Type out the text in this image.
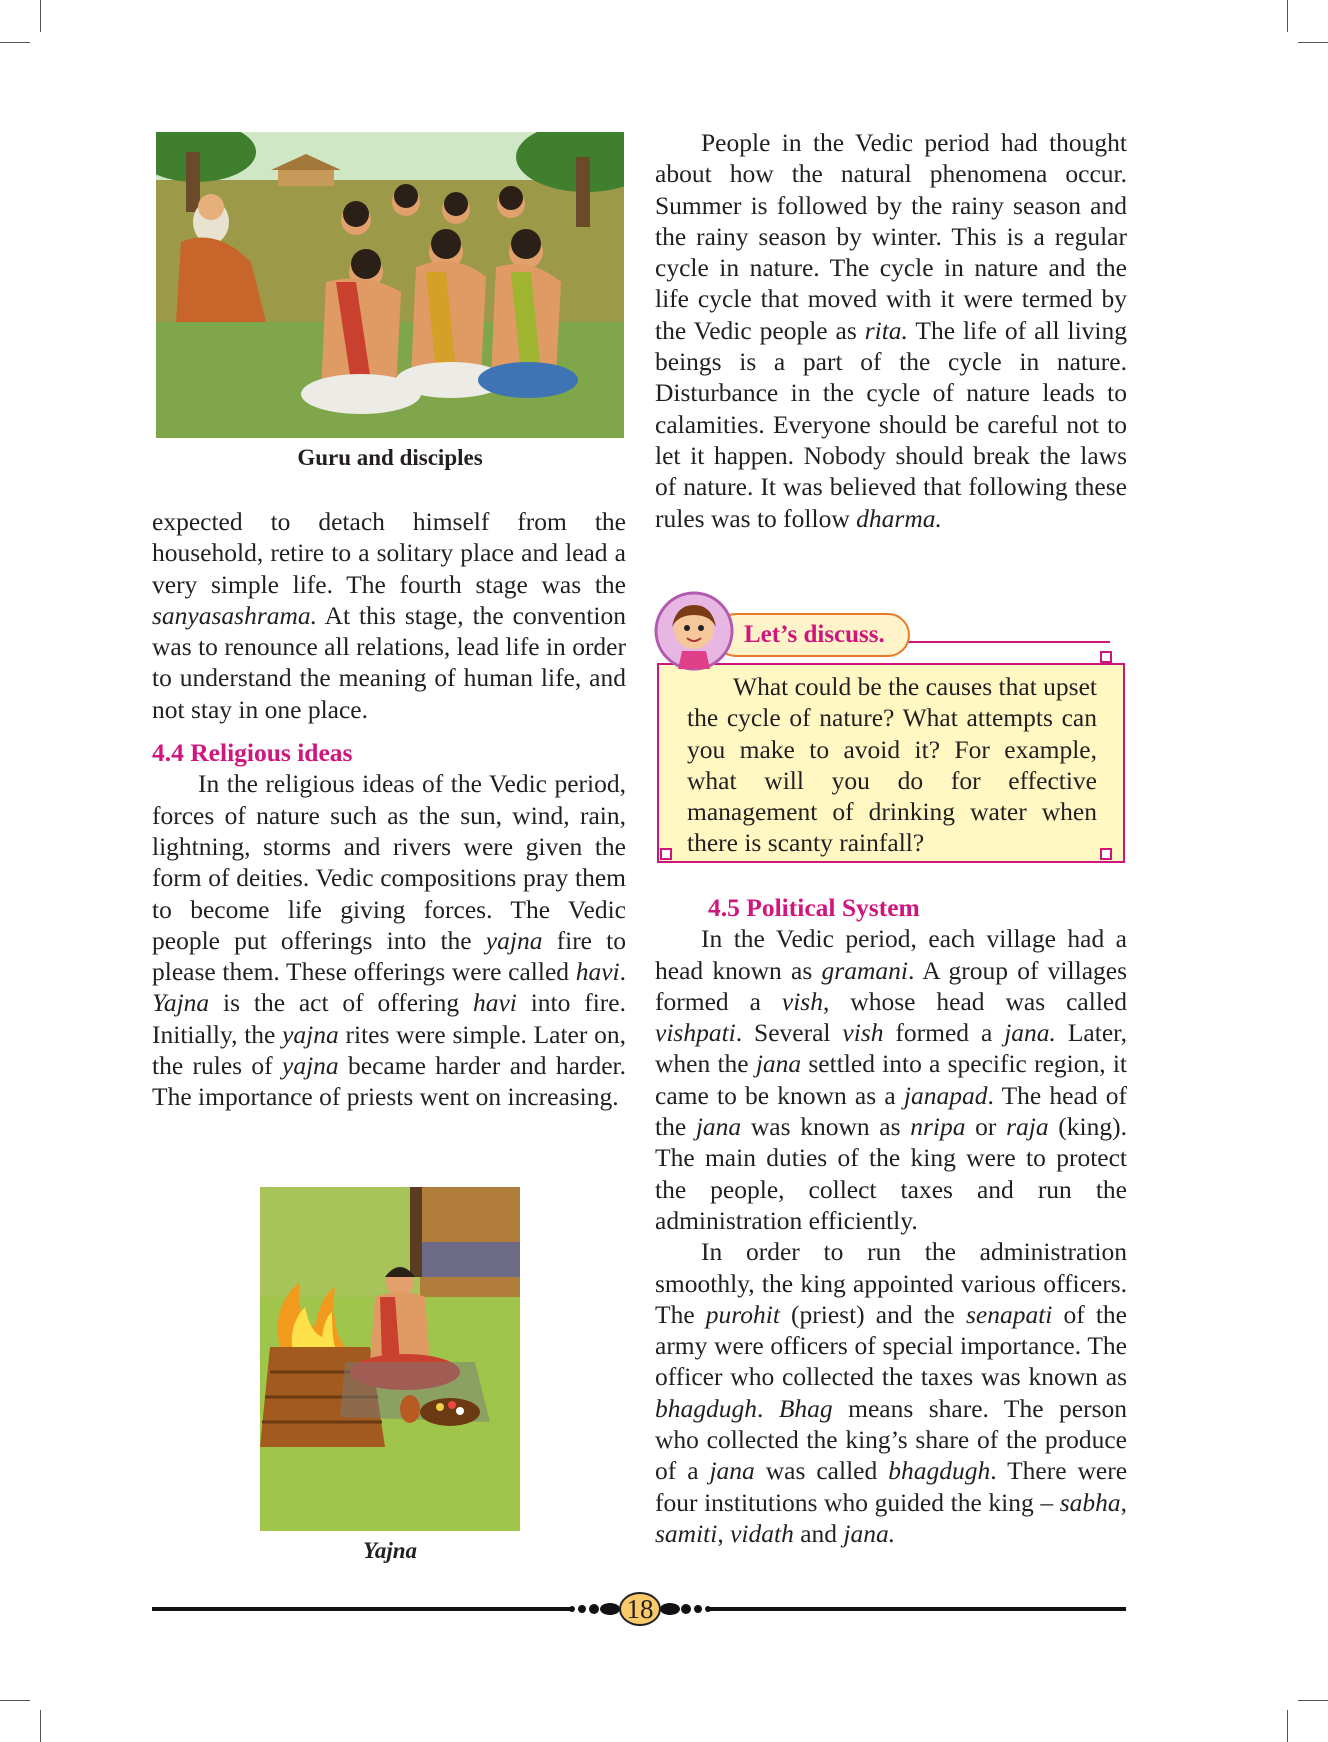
Guru and disciples

expected to detach himself from the household, retire to a solitary place and lead a very simple life. The fourth stage was the sanyasashrama. At this stage, the convention was to renounce all relations, lead life in order to understand the meaning of human life, and not stay in one place.

4.4 Religious ideas

In the religious ideas of the Vedic period, forces of nature such as the sun, wind, rain, lightning, storms and rivers were given the form of deities. Vedic compositions pray them to become life giving forces. The Vedic people put offerings into the yajna fire to please them. These offerings were called havi. Yajna is the act of offering havi into fire. Initially, the yajna rites were simple. Later on, the rules of yajna became harder and harder. The importance of priests went on increasing.

Yajna

People in the Vedic period had thought about how the natural phenomena occur. Summer is followed by the rainy season and the rainy season by winter. This is a regular cycle in nature. The cycle in nature and the life cycle that moved with it were termed by the Vedic people as rita. The life of all living beings is a part of the cycle in nature. Disturbance in the cycle of nature leads to calamities. Everyone should be careful not to let it happen. Nobody should break the laws of nature. It was believed that following these rules was to follow dharma.

What could be the causes that upset the cycle of nature? What attempts can you make to avoid it? For example, what will you do for effective management of drinking water when there is scanty rainfall?
Let’s discuss.

4.5 Political System

In the Vedic period, each village had a head known as gramani. A group of villages formed a vish, whose head was called vishpati. Several vish formed a jana. Later, when the jana settled into a specific region, it came to be known as a janapad. The head of the jana was known as nripa or raja (king). The main duties of the king were to protect the people, collect taxes and run the administration efficiently.

In order to run the administration smoothly, the king appointed various officers. The purohit (priest) and the senapati of the army were officers of special importance. The officer who collected the taxes was known as bhagdugh. Bhag means share. The person who collected the king’s share of the produce of a jana was called bhagdugh. There were four institutions who guided the king – sabha, samiti, vidath and jana.

18
